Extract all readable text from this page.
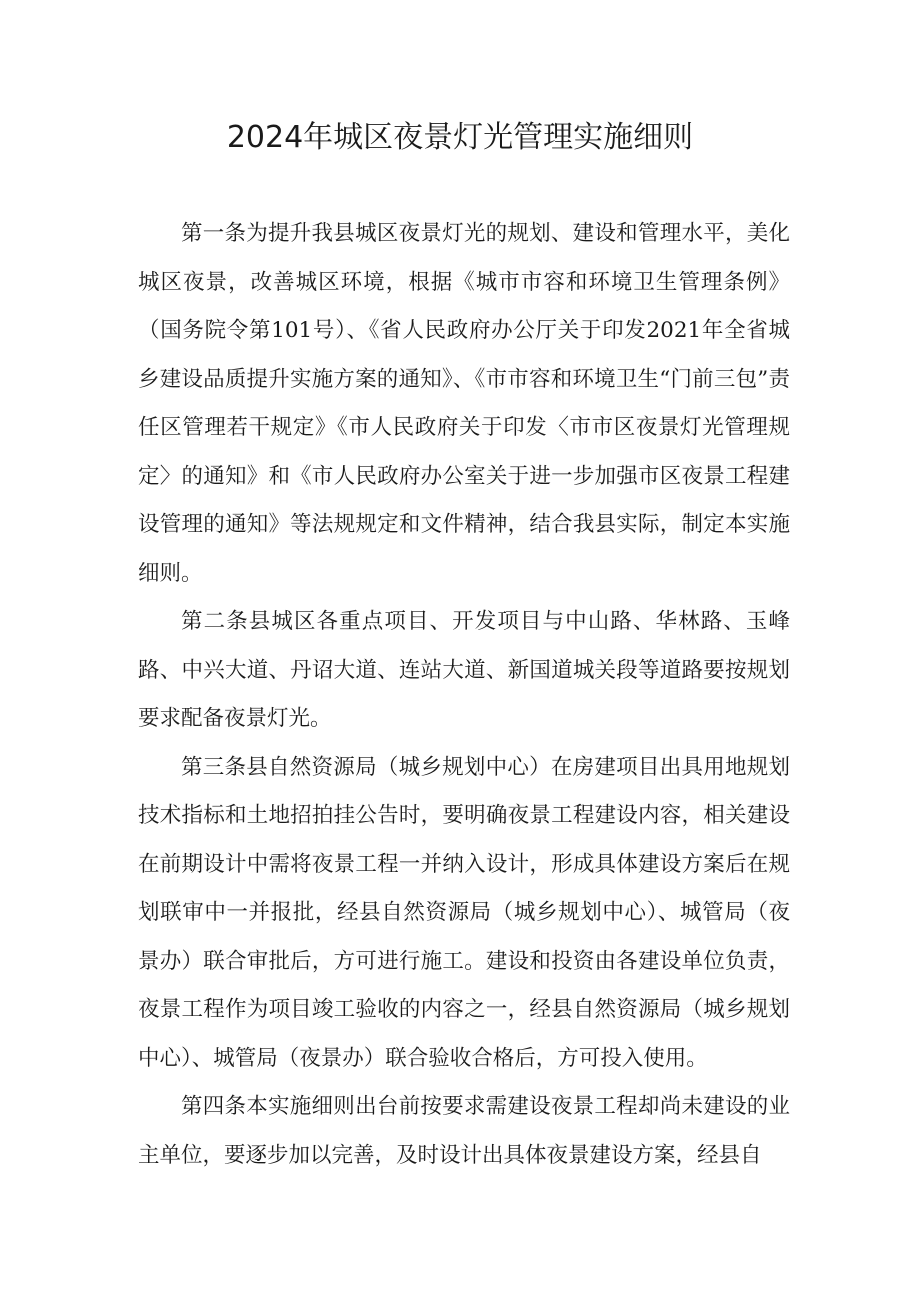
2024年城区夜景灯光管理实施细则

第一条为提升我县城区夜景灯光的规划、建设和管理水平，美化城区夜景，改善城区环境，根据《城市市容和环境卫生管理条例》（国务院令第101号）、《省人民政府办公厅关于印发2021年全省城乡建设品质提升实施方案的通知》、《市市容和环境卫生“门前三包”责任区管理若干规定》《市人民政府关于印发〈市市区夜景灯光管理规定〉的通知》和《市人民政府办公室关于进一步加强市区夜景工程建设管理的通知》等法规规定和文件精神，结合我县实际，制定本实施细则。

第二条县城区各重点项目、开发项目与中山路、华林路、玉峰路、中兴大道、丹诏大道、连站大道、新国道城关段等道路要按规划要求配备夜景灯光。

第三条县自然资源局（城乡规划中心）在房建项目出具用地规划技术指标和土地招拍挂公告时，要明确夜景工程建设内容，相关建设在前期设计中需将夜景工程一并纳入设计，形成具体建设方案后在规划联审中一并报批，经县自然资源局（城乡规划中心）、城管局（夜景办）联合审批后，方可进行施工。建设和投资由各建设单位负责，夜景工程作为项目竣工验收的内容之一，经县自然资源局（城乡规划中心）、城管局（夜景办）联合验收合格后，方可投入使用。

第四条本实施细则出台前按要求需建设夜景工程却尚未建设的业主单位，要逐步加以完善，及时设计出具体夜景建设方案，经县自
